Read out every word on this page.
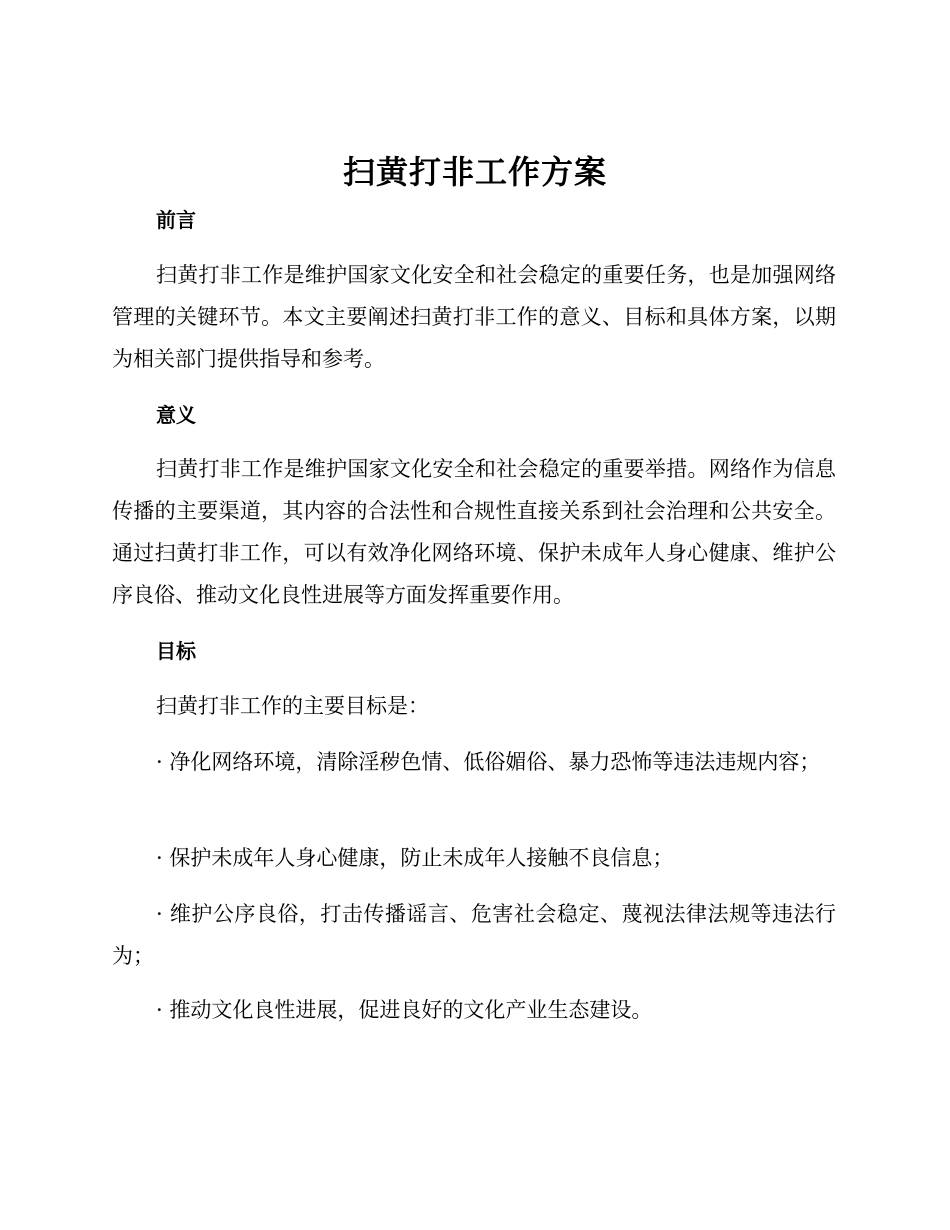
扫黄打非工作方案
前言

扫黄打非工作是维护国家文化安全和社会稳定的重要任务，也是加强网络管理的关键环节。本文主要阐述扫黄打非工作的意义、目标和具体方案，以期为相关部门提供指导和参考。

意义

扫黄打非工作是维护国家文化安全和社会稳定的重要举措。网络作为信息传播的主要渠道，其内容的合法性和合规性直接关系到社会治理和公共安全。通过扫黄打非工作，可以有效净化网络环境、保护未成年人身心健康、维护公序良俗、推动文化良性进展等方面发挥重要作用。

目标

扫黄打非工作的主要目标是：

· 净化网络环境，清除淫秽色情、低俗媚俗、暴力恐怖等违法违规内容；

· 保护未成年人身心健康，防止未成年人接触不良信息；

· 维护公序良俗，打击传播谣言、危害社会稳定、蔑视法律法规等违法行为；

· 推动文化良性进展，促进良好的文化产业生态建设。
